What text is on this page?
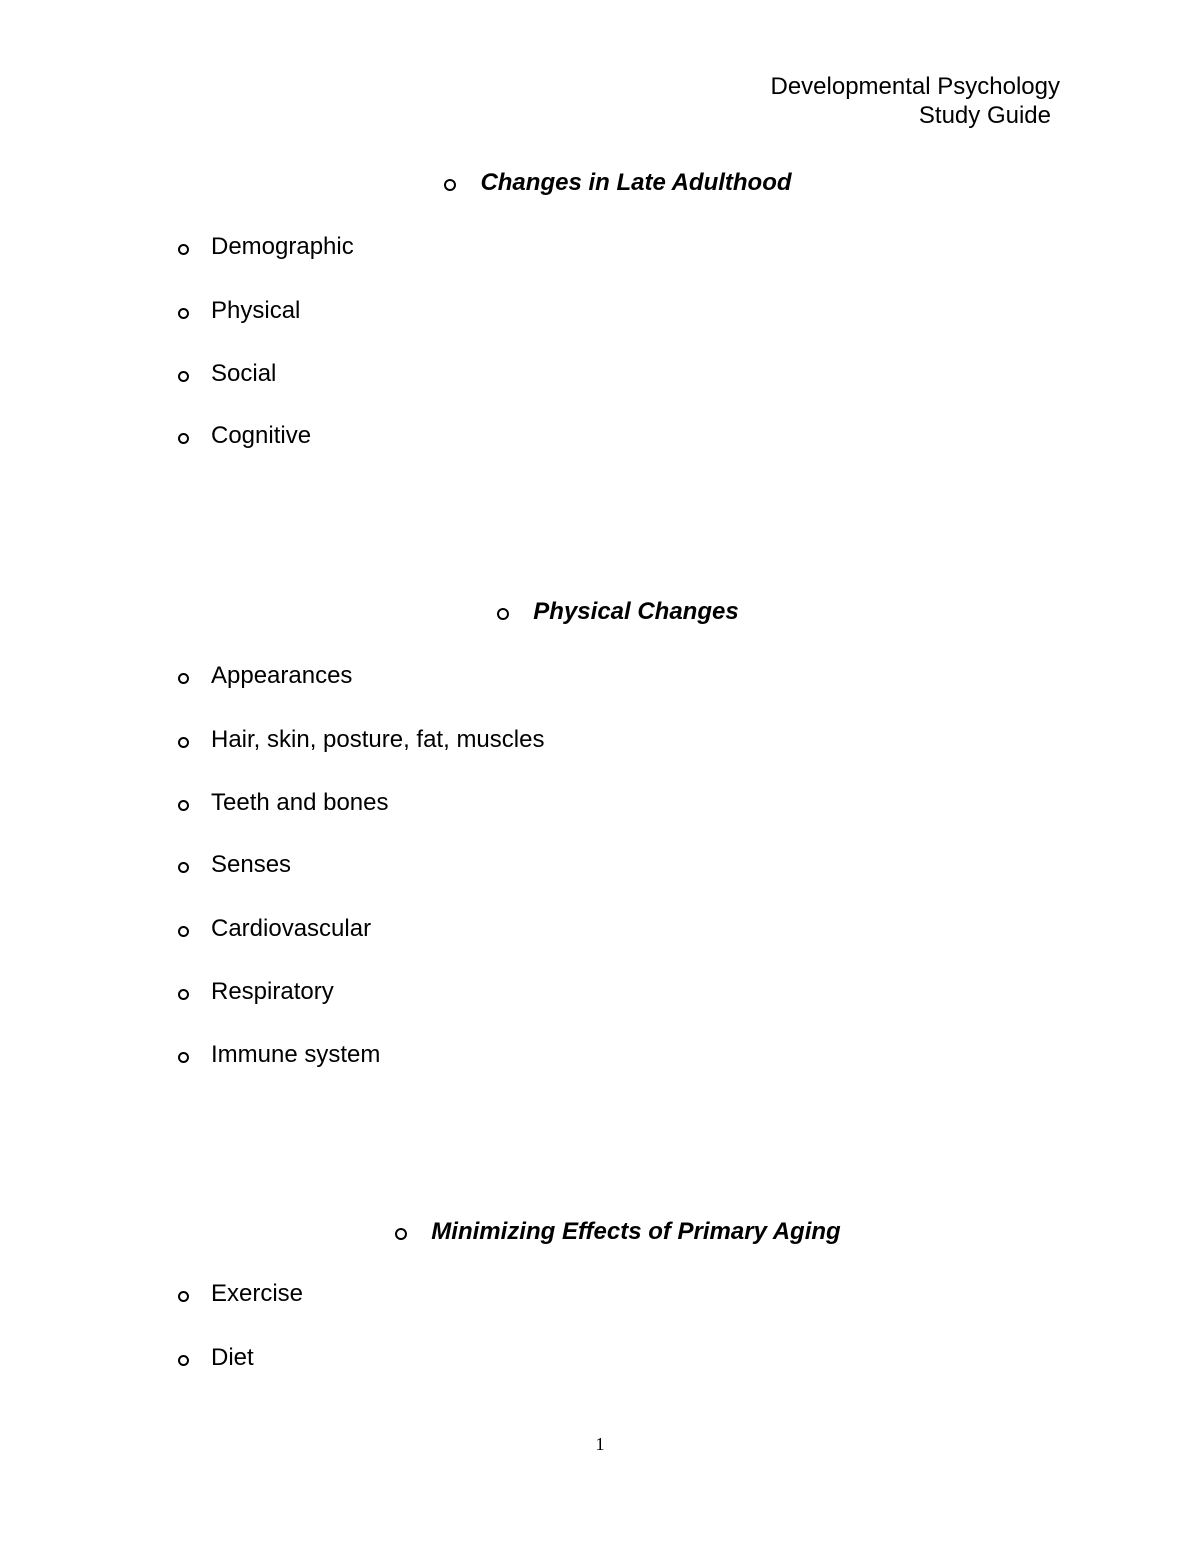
Developmental Psychology
Study Guide
Changes in Late Adulthood
Demographic
Physical
Social
Cognitive
Physical Changes
Appearances
Hair, skin, posture, fat, muscles
Teeth and bones
Senses
Cardiovascular
Respiratory
Immune system
Minimizing Effects of Primary Aging
Exercise
Diet
1
